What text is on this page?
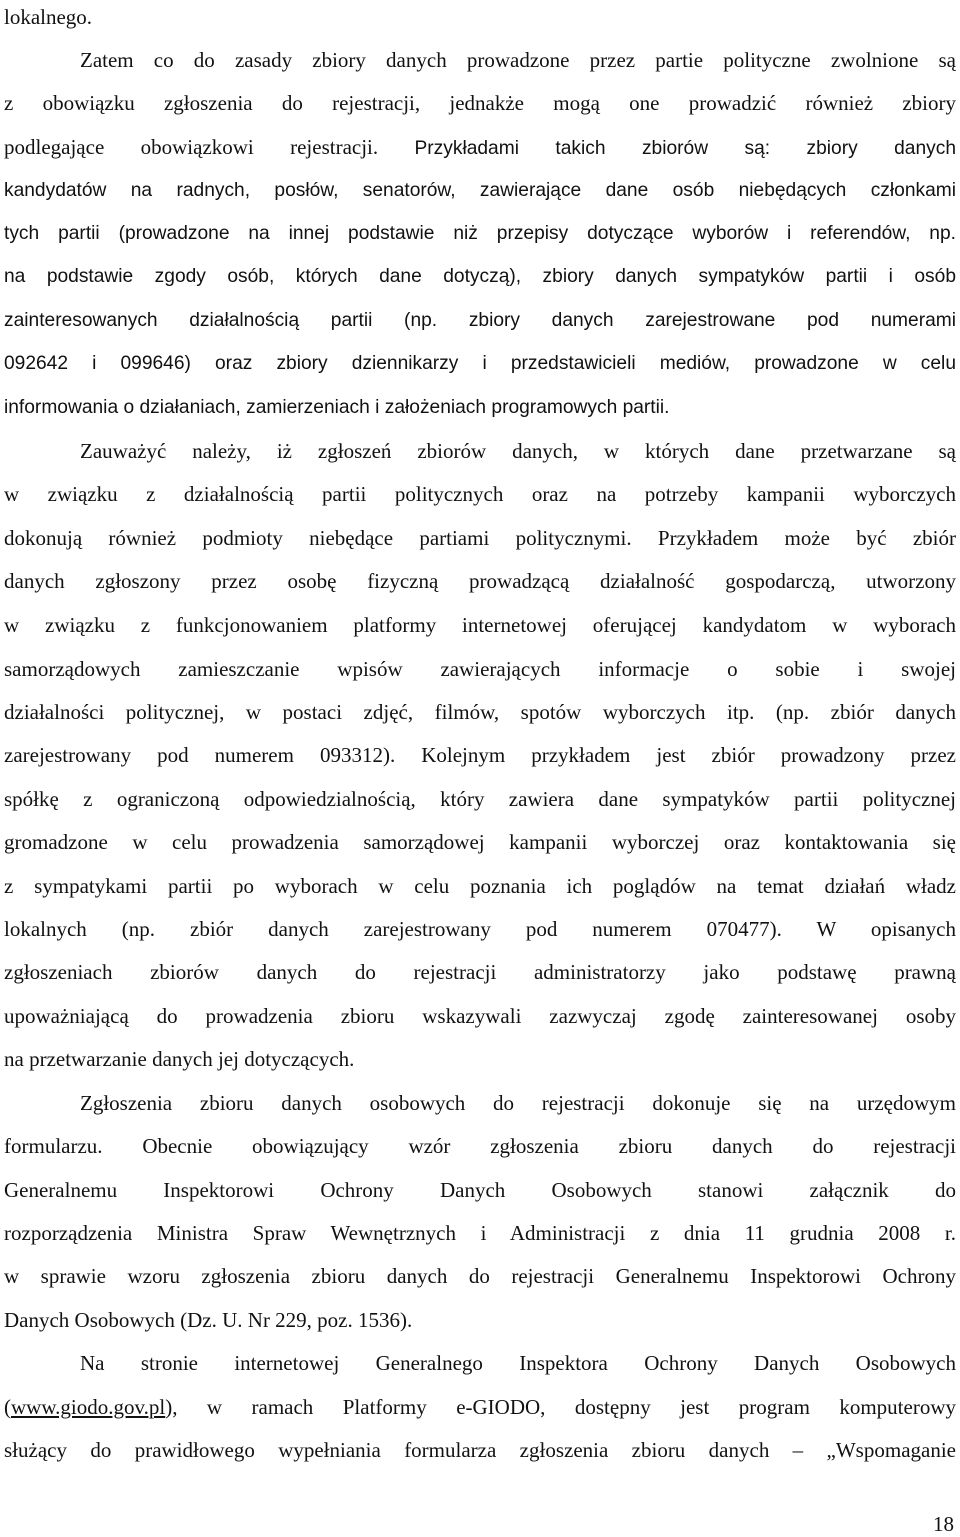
lokalnego.
Zatem co do zasady zbiory danych prowadzone przez partie polityczne zwolnione są
z obowiązku zgłoszenia do rejestracji, jednakże mogą one prowadzić również zbiory
podlegające obowiązkowi rejestracji. Przykładami takich zbiorów są: zbiory danych
kandydatów na radnych, posłów, senatorów, zawierające dane osób niebędących członkami
tych partii (prowadzone na innej podstawie niż przepisy dotyczące wyborów i referendów, np.
na podstawie zgody osób, których dane dotyczą), zbiory danych sympatyków partii i osób
zainteresowanych działalnością partii (np. zbiory danych zarejestrowane pod numerami
092642 i 099646) oraz zbiory dziennikarzy i przedstawicieli mediów, prowadzone w celu
informowania o działaniach, zamierzeniach i założeniach programowych partii.
Zauważyć należy, iż zgłoszeń zbiorów danych, w których dane przetwarzane są
w związku z działalnością partii politycznych oraz na potrzeby kampanii wyborczych
dokonują również podmioty niebędące partiami politycznymi. Przykładem może być zbiór
danych zgłoszony przez osobę fizyczną prowadzącą działalność gospodarczą, utworzony
w związku z funkcjonowaniem platformy internetowej oferującej kandydatom w wyborach
samorządowych zamieszczanie wpisów zawierających informacje o sobie i swojej
działalności politycznej, w postaci zdjęć, filmów, spotów wyborczych itp. (np. zbiór danych
zarejestrowany pod numerem 093312). Kolejnym przykładem jest zbiór prowadzony przez
spółkę z ograniczoną odpowiedzialnością, który zawiera dane sympatyków partii politycznej
gromadzone w celu prowadzenia samorządowej kampanii wyborczej oraz kontaktowania się
z sympatykami partii po wyborach w celu poznania ich poglądów na temat działań władz
lokalnych (np. zbiór danych zarejestrowany pod numerem 070477). W opisanych
zgłoszeniach zbiorów danych do rejestracji administratorzy jako podstawę prawną
upoważniającą do prowadzenia zbioru wskazywali zazwyczaj zgodę zainteresowanej osoby
na przetwarzanie danych jej dotyczących.
Zgłoszenia zbioru danych osobowych do rejestracji dokonuje się na urzędowym
formularzu. Obecnie obowiązujący wzór zgłoszenia zbioru danych do rejestracji
Generalnemu Inspektorowi Ochrony Danych Osobowych stanowi załącznik do
rozporządzenia Ministra Spraw Wewnętrznych i Administracji z dnia 11 grudnia 2008 r.
w sprawie wzoru zgłoszenia zbioru danych do rejestracji Generalnemu Inspektorowi Ochrony
Danych Osobowych (Dz. U. Nr 229, poz. 1536).
Na stronie internetowej Generalnego Inspektora Ochrony Danych Osobowych
(www.giodo.gov.pl), w ramach Platformy e-GIODO, dostępny jest program komputerowy
służący do prawidłowego wypełniania formularza zgłoszenia zbioru danych – „Wspomaganie
18
